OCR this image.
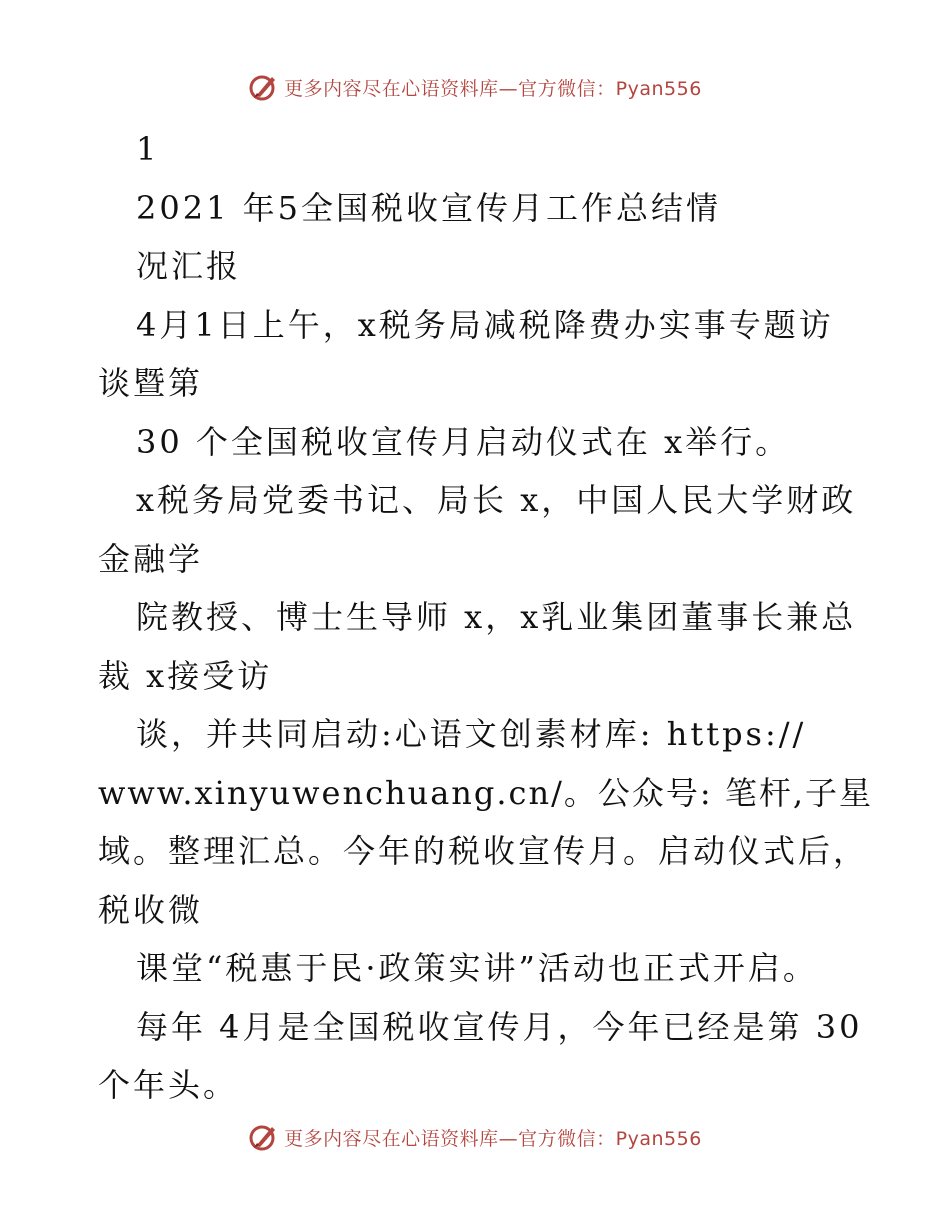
更多内容尽在心语资料库—官方微信：Pyan556
1
2021 年5全国税收宣传月工作总结情
况汇报
4月1日上午，x税务局减税降费办实事专题访
谈暨第
30 个全国税收宣传月启动仪式在 x举行。
x税务局党委书记、局长 x，中国人民大学财政
金融学
院教授、博士生导师 x，x乳业集团董事长兼总
裁 x接受访
谈，并共同启动:心语文创素材库: https://
www.xinyuwenchuang.cn/。公众号: 笔杆,子星
域。整理汇总。今年的税收宣传月。启动仪式后，
税收微
课堂“税惠于民·政策实讲”活动也正式开启。
每年 4月是全国税收宣传月，今年已经是第 30
个年头。
更多内容尽在心语资料库—官方微信：Pyan556
